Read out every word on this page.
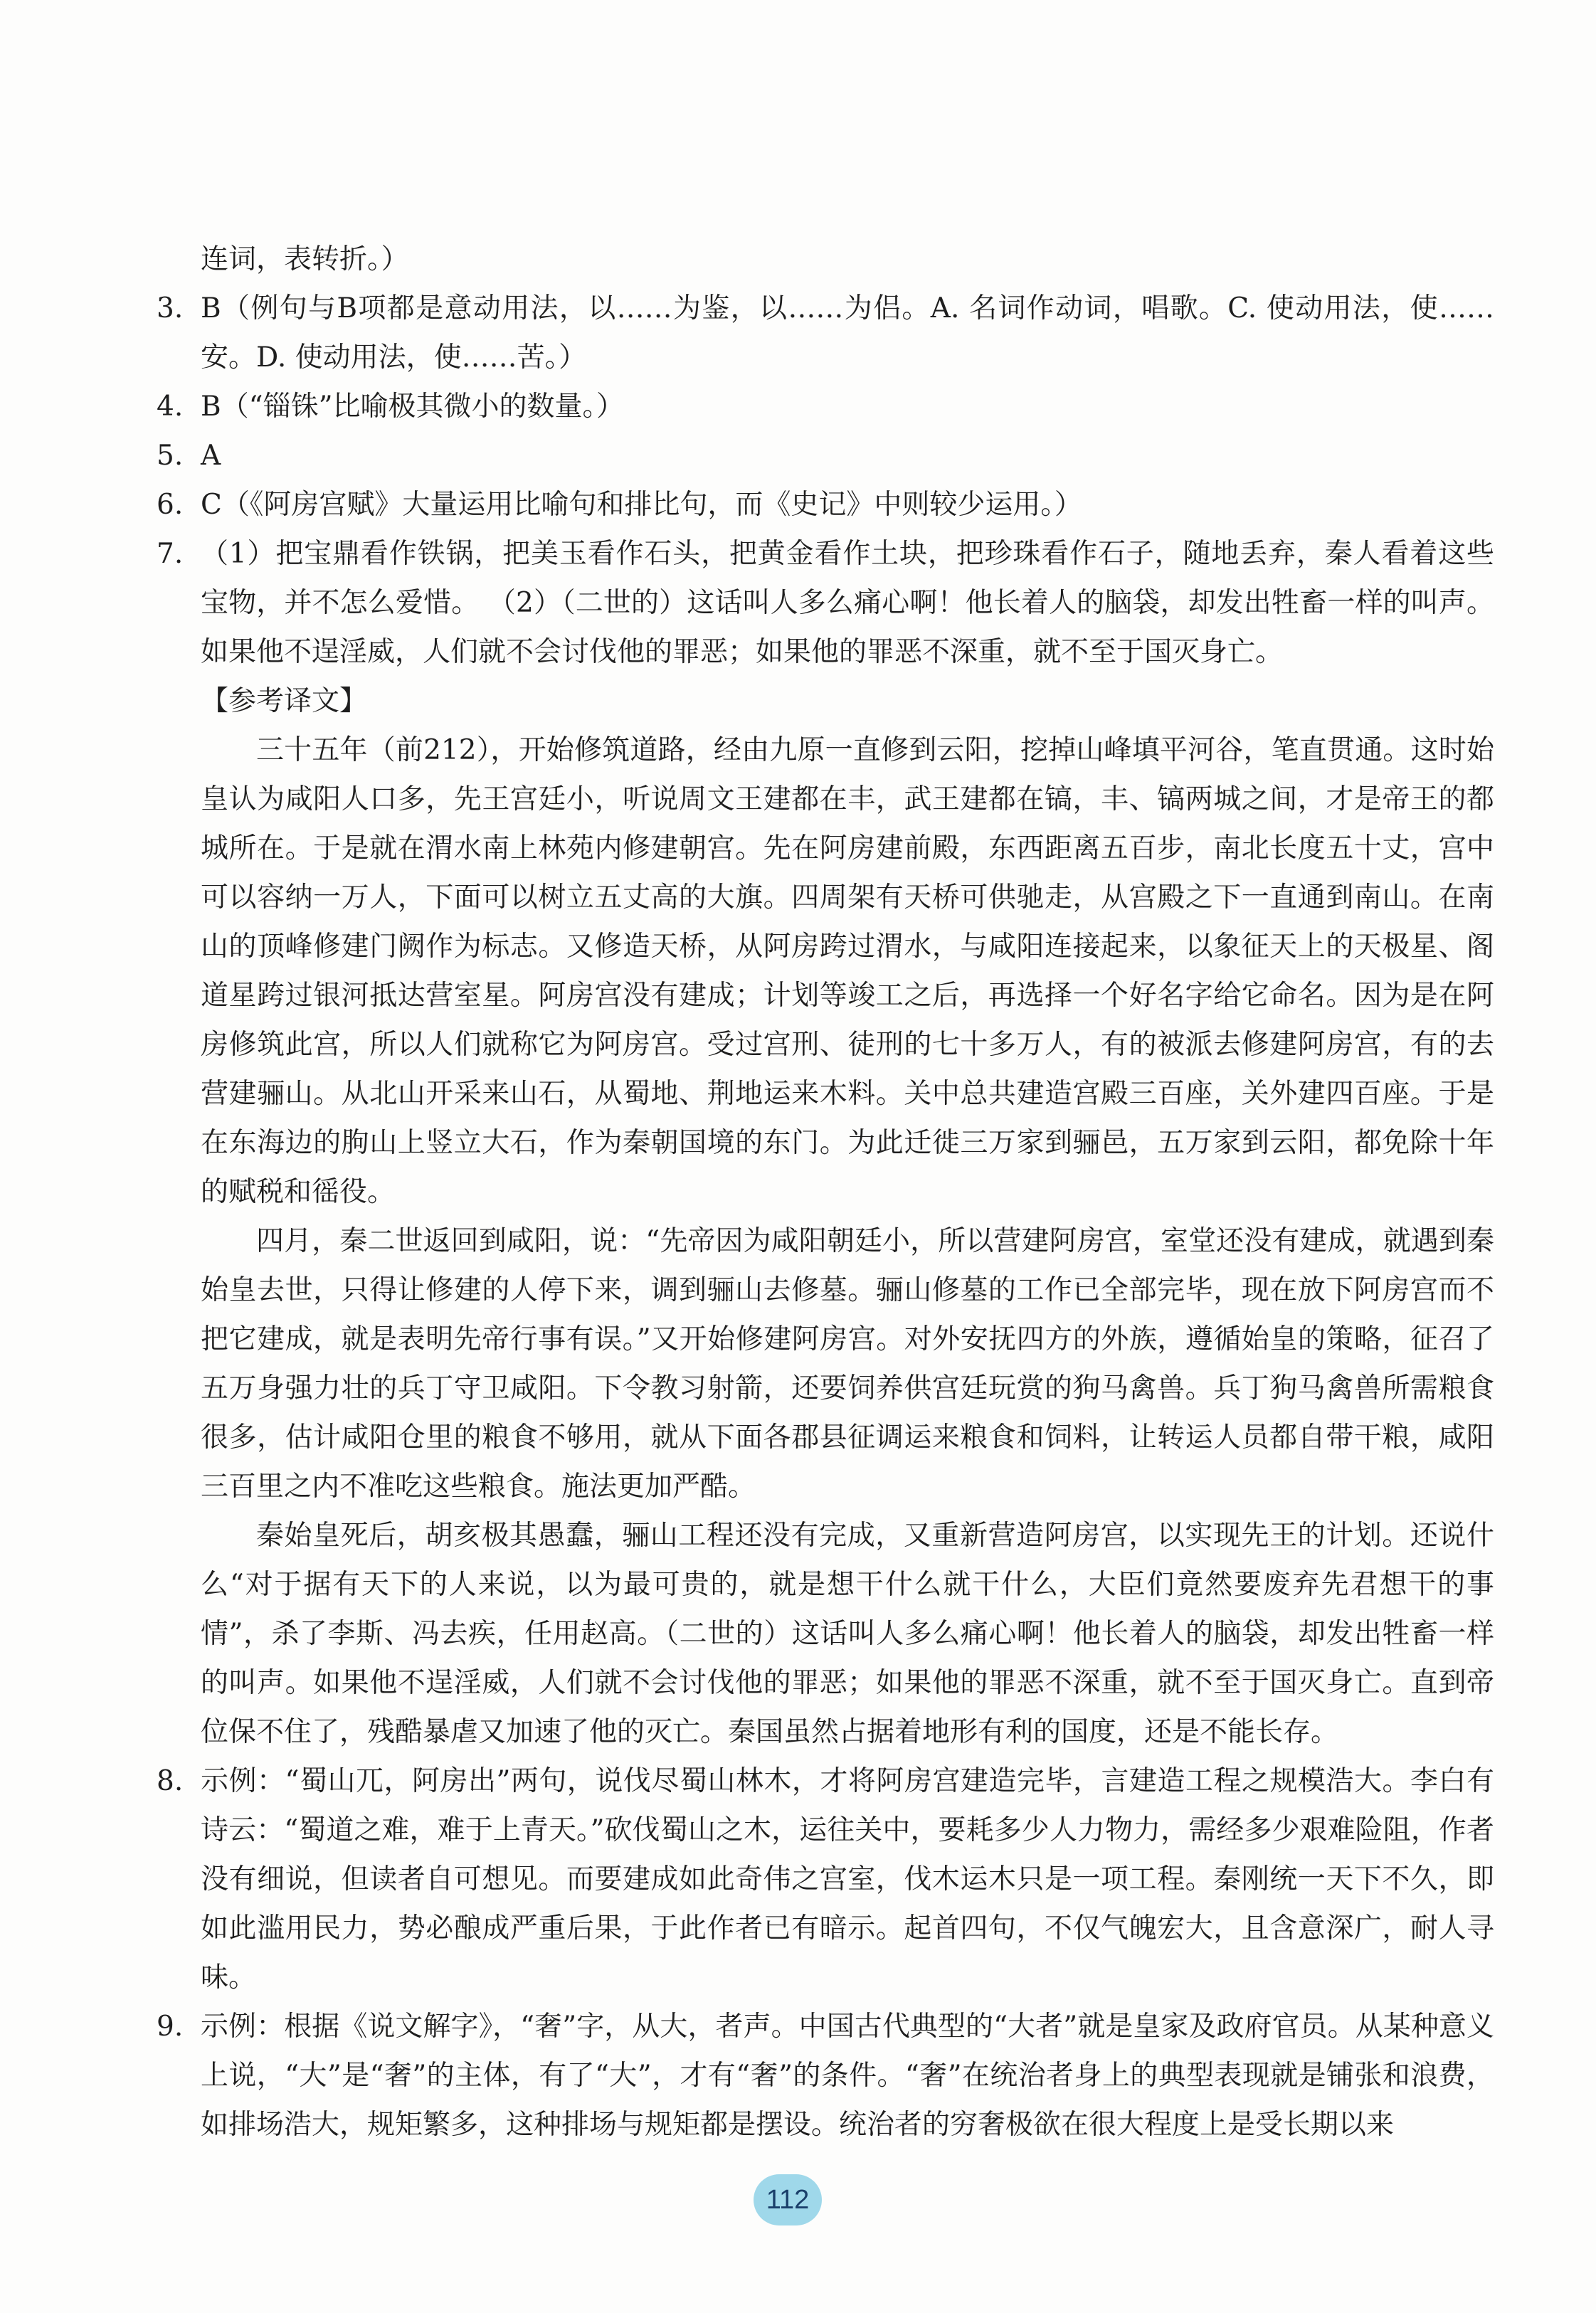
连词，表转折。）
3. B（例句与B项都是意动用法，以……为鉴，以……为侣。A. 名词作动词，唱歌。C. 使动用法，使……安。D. 使动用法，使……苦。）
4. B（“锱铢”比喻极其微小的数量。）
5. A
6. C（《阿房宫赋》大量运用比喻句和排比句，而《史记》中则较少运用。）
7. （1）把宝鼎看作铁锅，把美玉看作石头，把黄金看作土块，把珍珠看作石子，随地丢弃，秦人看着这些宝物，并不怎么爱惜。 （2）（二世的）这话叫人多么痛心啊！他长着人的脑袋，却发出牲畜一样的叫声。如果他不逞淫威，人们就不会讨伐他的罪恶；如果他的罪恶不深重，就不至于国灭身亡。
【参考译文】
三十五年（前212），开始修筑道路，经由九原一直修到云阳，挖掉山峰填平河谷，笔直贯通。这时始皇认为咸阳人口多，先王宫廷小，听说周文王建都在丰，武王建都在镐，丰、镐两城之间，才是帝王的都城所在。于是就在渭水南上林苑内修建朝宫。先在阿房建前殿，东西距离五百步，南北长度五十丈，宫中可以容纳一万人，下面可以树立五丈高的大旗。四周架有天桥可供驰走，从宫殿之下一直通到南山。在南山的顶峰修建门阙作为标志。又修造天桥，从阿房跨过渭水，与咸阳连接起来，以象征天上的天极星、阁道星跨过银河抵达营室星。阿房宫没有建成；计划等竣工之后，再选择一个好名字给它命名。因为是在阿房修筑此宫，所以人们就称它为阿房宫。受过宫刑、徒刑的七十多万人，有的被派去修建阿房宫，有的去营建骊山。从北山开采来山石，从蜀地、荆地运来木料。关中总共建造宫殿三百座，关外建四百座。于是在东海边的朐山上竖立大石，作为秦朝国境的东门。为此迁徙三万家到骊邑，五万家到云阳，都免除十年的赋税和徭役。
四月，秦二世返回到咸阳，说：“先帝因为咸阳朝廷小，所以营建阿房宫，室堂还没有建成，就遇到秦始皇去世，只得让修建的人停下来，调到骊山去修墓。骊山修墓的工作已全部完毕，现在放下阿房宫而不把它建成，就是表明先帝行事有误。”又开始修建阿房宫。对外安抚四方的外族，遵循始皇的策略，征召了五万身强力壮的兵丁守卫咸阳。下令教习射箭，还要饲养供宫廷玩赏的狗马禽兽。兵丁狗马禽兽所需粮食很多，估计咸阳仓里的粮食不够用，就从下面各郡县征调运来粮食和饲料，让转运人员都自带干粮，咸阳三百里之内不准吃这些粮食。施法更加严酷。
秦始皇死后，胡亥极其愚蠢，骊山工程还没有完成，又重新营造阿房宫，以实现先王的计划。还说什么“对于据有天下的人来说，以为最可贵的，就是想干什么就干什么，大臣们竟然要废弃先君想干的事情”，杀了李斯、冯去疾，任用赵高。（二世的）这话叫人多么痛心啊！他长着人的脑袋，却发出牲畜一样的叫声。如果他不逞淫威，人们就不会讨伐他的罪恶；如果他的罪恶不深重，就不至于国灭身亡。直到帝位保不住了，残酷暴虐又加速了他的灭亡。秦国虽然占据着地形有利的国度，还是不能长存。
8. 示例：“蜀山兀，阿房出”两句，说伐尽蜀山林木，才将阿房宫建造完毕，言建造工程之规模浩大。李白有诗云：“蜀道之难，难于上青天。”砍伐蜀山之木，运往关中，要耗多少人力物力，需经多少艰难险阻，作者没有细说，但读者自可想见。而要建成如此奇伟之宫室，伐木运木只是一项工程。秦刚统一天下不久，即如此滥用民力，势必酿成严重后果，于此作者已有暗示。起首四句，不仅气魄宏大，且含意深广，耐人寻味。
9. 示例：根据《说文解字》，“奢”字，从大，者声。中国古代典型的“大者”就是皇家及政府官员。从某种意义上说，“大”是“奢”的主体，有了“大”，才有“奢”的条件。“奢”在统治者身上的典型表现就是铺张和浪费，如排场浩大，规矩繁多，这种排场与规矩都是摆设。统治者的穷奢极欲在很大程度上是受长期以来
112
